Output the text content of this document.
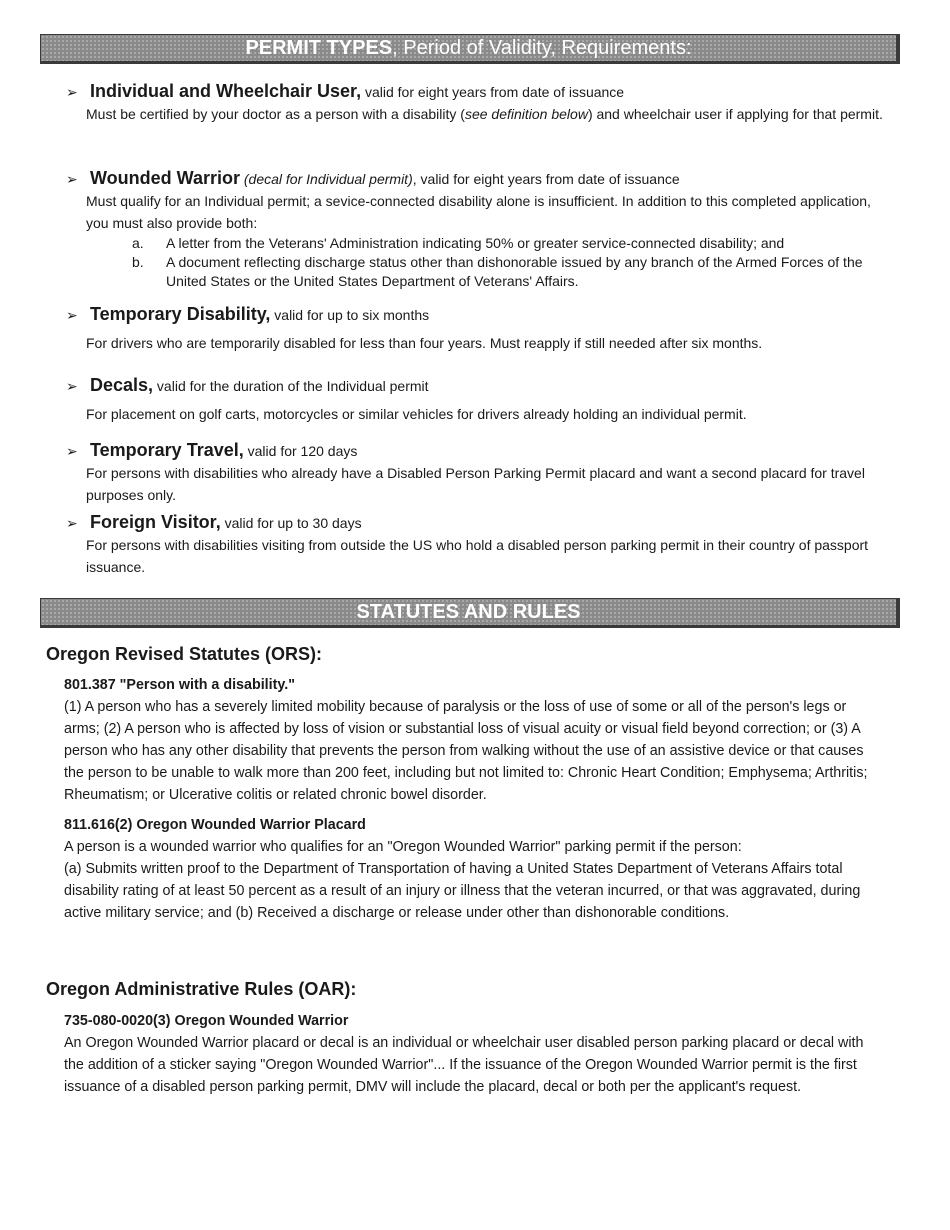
PERMIT TYPES, Period of Validity, Requirements:
➢ Individual and Wheelchair User, valid for eight years from date of issuance
Must be certified by your doctor as a person with a disability (see definition below) and wheelchair user if applying for that permit.
➢ Wounded Warrior (decal for Individual permit), valid for eight years from date of issuance
Must qualify for an Individual permit; a sevice-connected disability alone is insufficient. In addition to this completed application, you must also provide both:
a. A letter from the Veterans' Administration indicating 50% or greater service-connected disability; and
b. A document reflecting discharge status other than dishonorable issued by any branch of the Armed Forces of the United States or the United States Department of Veterans' Affairs.
➢ Temporary Disability, valid for up to six months
For drivers who are temporarily disabled for less than four years. Must reapply if still needed after six months.
➢ Decals, valid for the duration of the Individual permit
For placement on golf carts, motorcycles or similar vehicles for drivers already holding an individual permit.
➢ Temporary Travel, valid for 120 days
For persons with disabilities who already have a Disabled Person Parking Permit placard and want a second placard for travel purposes only.
➢ Foreign Visitor, valid for up to 30 days
For persons with disabilities visiting from outside the US who hold a disabled person parking permit in their country of passport issuance.
STATUTES AND RULES
Oregon Revised Statutes (ORS):
801.387 "Person with a disability."
(1) A person who has a severely limited mobility because of paralysis or the loss of use of some or all of the person's legs or arms; (2) A person who is affected by loss of vision or substantial loss of visual acuity or visual field beyond correction; or (3) A person who has any other disability that prevents the person from walking without the use of an assistive device or that causes the person to be unable to walk more than 200 feet, including but not limited to: Chronic Heart Condition; Emphysema; Arthritis; Rheumatism; or Ulcerative colitis or related chronic bowel disorder.
811.616(2) Oregon Wounded Warrior Placard
A person is a wounded warrior who qualifies for an "Oregon Wounded Warrior" parking permit if the person:
(a) Submits written proof to the Department of Transportation of having a United States Department of Veterans Affairs total disability rating of at least 50 percent as a result of an injury or illness that the veteran incurred, or that was aggravated, during active military service; and (b) Received a discharge or release under other than dishonorable conditions.
Oregon Administrative Rules (OAR):
735-080-0020(3) Oregon Wounded Warrior
An Oregon Wounded Warrior placard or decal is an individual or wheelchair user disabled person parking placard or decal with the addition of a sticker saying "Oregon Wounded Warrior"... If the issuance of the Oregon Wounded Warrior permit is the first issuance of a disabled person parking permit, DMV will include the placard, decal or both per the applicant's request.
